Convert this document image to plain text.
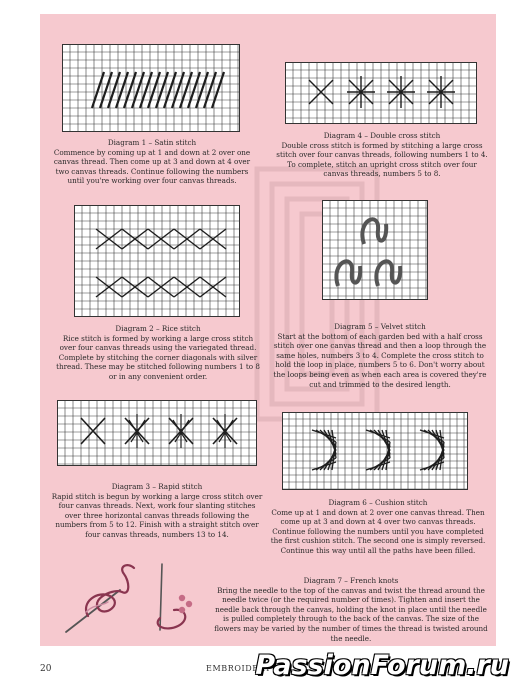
Diagram 1 – Satin stitch
Commence by coming up at 1 and down at 2 over one canvas thread. Then come up at 3 and down at 4 over two canvas threads. Continue following the numbers until you're working over four canvas threads.
Diagram 2 – Rice stitch
Rice stitch is formed by working a large cross stitch over four canvas threads using the variegated thread. Complete by stitching the corner diagonals with silver thread. These may be stitched following numbers 1 to 8 or in any convenient order.
Diagram 3 – Rapid stitch
Rapid stitch is begun by working a large cross stitch over four canvas threads. Next, work four slanting stitches over three horizontal canvas threads following the numbers from 5 to 12. Finish with a straight stitch over four canvas threads, numbers 13 to 14.
Diagram 4 – Double cross stitch
Double cross stitch is formed by stitching a large cross stitch over four canvas threads, following numbers 1 to 4. To complete, stitch an upright cross stitch over four canvas threads, numbers 5 to 8.
Diagram 5 – Velvet stitch
Start at the bottom of each garden bed with a half cross stitch over one canvas thread and then a loop through the same holes, numbers 3 to 4. Complete the cross stitch to hold the loop in place, numbers 5 to 6. Don't worry about the loops being even as when each area is covered they're cut and trimmed to the desired length.
Diagram 6 – Cushion stitch
Come up at 1 and down at 2 over one canvas thread. Then come up at 3 and down at 4 over two canvas threads. Continue following the numbers until you have completed the first cushion stitch. The second one is simply reversed. Continue this way until all the paths have been filled.
Diagram 7 – French knots
Bring the needle to the top of the canvas and twist the thread around the needle twice (or the required number of times). Tighten and insert the needle back through the canvas, holding the knot in place until the needle is pulled completely through to the back of the canvas. The size of the flowers may be varied by the number of times the thread is twisted around the needle.
20	EMBROIDERY
PassionForum.ru
